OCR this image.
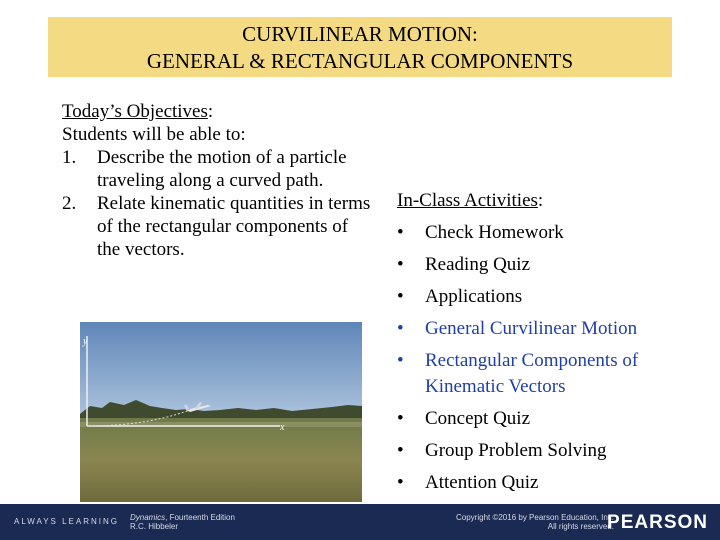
CURVILINEAR MOTION:
GENERAL & RECTANGULAR COMPONENTS
Today’s Objectives:
Students will be able to:
1.	Describe the motion of a particle traveling along a curved path.
2.	Relate kinematic quantities in terms of the rectangular components of the vectors.
In-Class Activities:
•	Check Homework
•	Reading Quiz
•	Applications
•	General Curvilinear Motion
•	Rectangular Components of Kinematic Vectors
•	Concept Quiz
•	Group Problem Solving
•	Attention Quiz
y
x
ALWAYS LEARNING Dynamics, Fourteenth Edition
R.C. Hibbeler
Copyright ©2016 by Pearson Education, Inc.
All rights reserved.
PEARSON
